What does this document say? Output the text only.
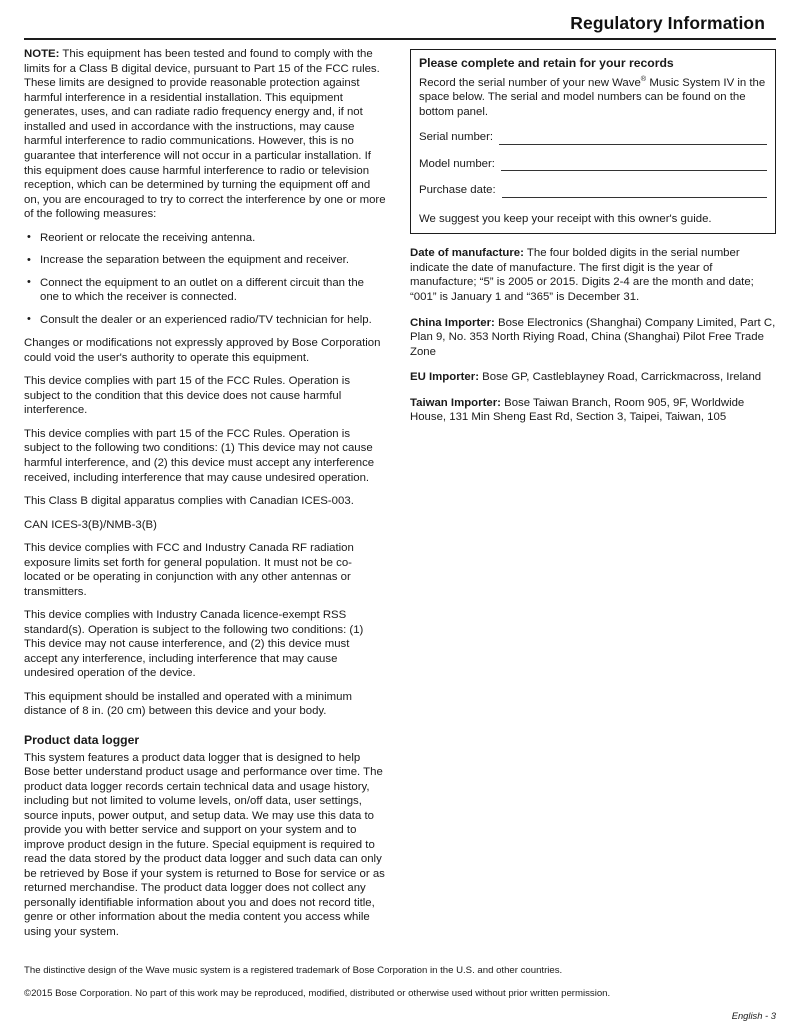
Regulatory Information

NOTE: This equipment has been tested and found to comply with the limits for a Class B digital device, pursuant to Part 15 of the FCC rules. These limits are designed to provide reasonable protection against harmful interference in a residential installation. This equipment generates, uses, and can radiate radio frequency energy and, if not installed and used in accordance with the instructions, may cause harmful interference to radio communications. However, this is no guarantee that interference will not occur in a particular installation. If this equipment does cause harmful interference to radio or television reception, which can be determined by turning the equipment off and on, you are encouraged to try to correct the interference by one or more of the following measures:

• Reorient or relocate the receiving antenna.
• Increase the separation between the equipment and receiver.
• Connect the equipment to an outlet on a different circuit than the one to which the receiver is connected.
• Consult the dealer or an experienced radio/TV technician for help.

Changes or modifications not expressly approved by Bose Corporation could void the user's authority to operate this equipment.

This device complies with part 15 of the FCC Rules. Operation is subject to the condition that this device does not cause harmful interference.

This device complies with part 15 of the FCC Rules. Operation is subject to the following two conditions: (1) This device may not cause harmful interference, and (2) this device must accept any interference received, including interference that may cause undesired operation.

This Class B digital apparatus complies with Canadian ICES-003.

CAN ICES-3(B)/NMB-3(B)

This device complies with FCC and Industry Canada RF radiation exposure limits set forth for general population. It must not be co-located or be operating in conjunction with any other antennas or transmitters.

This device complies with Industry Canada licence-exempt RSS standard(s). Operation is subject to the following two conditions: (1) This device may not cause interference, and (2) this device must accept any interference, including interference that may cause undesired operation of the device.

This equipment should be installed and operated with a minimum distance of 8 in. (20 cm) between this device and your body.

Product data logger

This system features a product data logger that is designed to help Bose better understand product usage and performance over time. The product data logger records certain technical data and usage history, including but not limited to volume levels, on/off data, user settings, source inputs, power output, and setup data. We may use this data to provide you with better service and support on your system and to improve product design in the future. Special equipment is required to read the data stored by the product data logger and such data can only be retrieved by Bose if your system is returned to Bose for service or as returned merchandise. The product data logger does not collect any personally identifiable information about you and does not record title, genre or other information about the media content you access while using your system.

Please complete and retain for your records

Record the serial number of your new Wave® Music System IV in the space below. The serial and model numbers can be found on the bottom panel.

Serial number:
Model number:
Purchase date:

We suggest you keep your receipt with this owner's guide.

Date of manufacture: The four bolded digits in the serial number indicate the date of manufacture. The first digit is the year of manufacture; “5” is 2005 or 2015. Digits 2-4 are the month and date; “001” is January 1 and “365” is December 31.

China Importer: Bose Electronics (Shanghai) Company Limited, Part C, Plan 9, No. 353 North Riying Road, China (Shanghai) Pilot Free Trade Zone

EU Importer: Bose GP, Castleblayney Road, Carrickmacross, Ireland

Taiwan Importer: Bose Taiwan Branch, Room 905, 9F, Worldwide House, 131 Min Sheng East Rd, Section 3, Taipei, Taiwan, 105

The distinctive design of the Wave music system is a registered trademark of Bose Corporation in the U.S. and other countries.

©2015 Bose Corporation. No part of this work may be reproduced, modified, distributed or otherwise used without prior written permission.

English - 3
